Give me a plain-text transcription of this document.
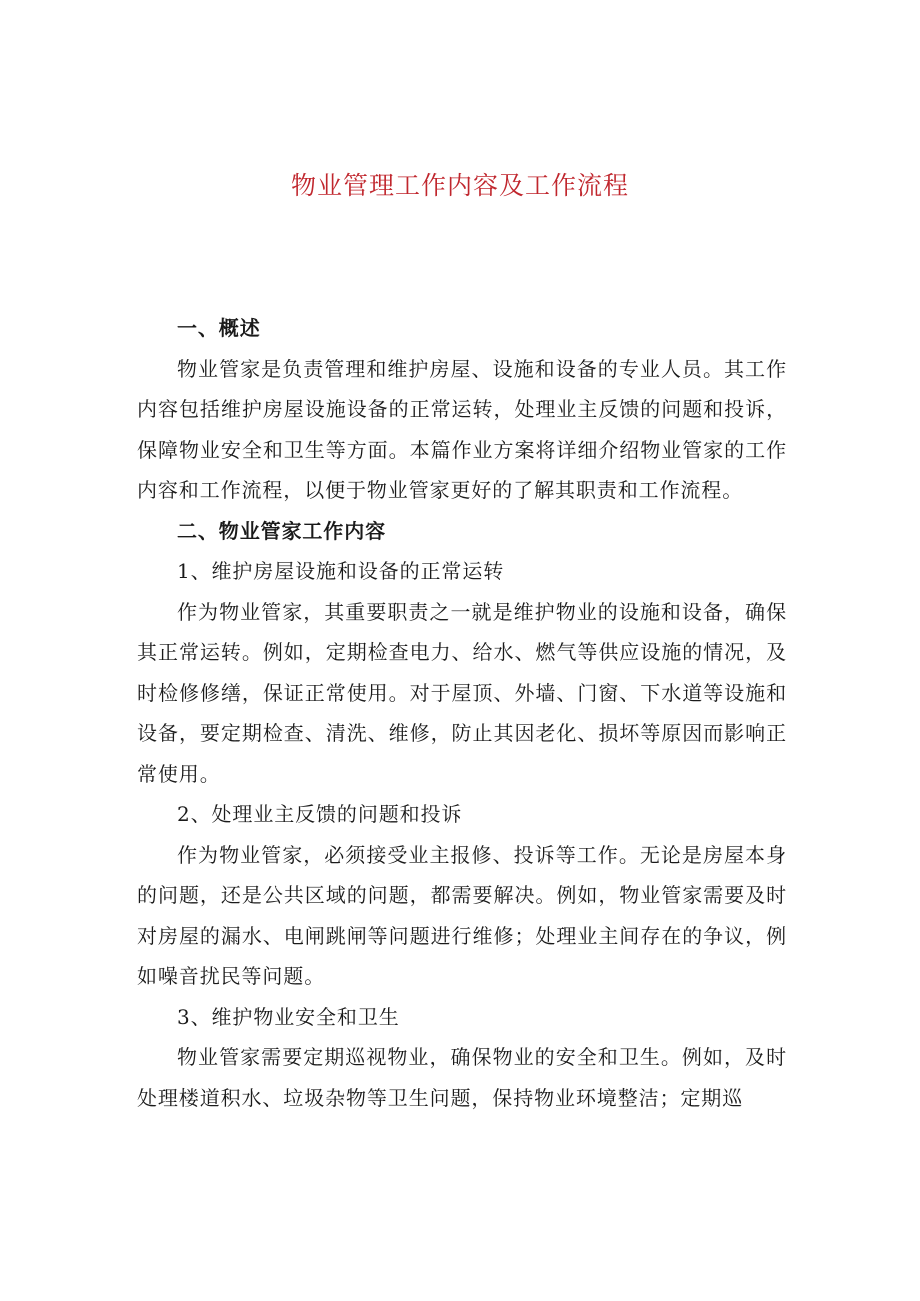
物业管理工作内容及工作流程

一、概述

物业管家是负责管理和维护房屋、设施和设备的专业人员。其工作内容包括维护房屋设施设备的正常运转，处理业主反馈的问题和投诉，保障物业安全和卫生等方面。本篇作业方案将详细介绍物业管家的工作内容和工作流程，以便于物业管家更好的了解其职责和工作流程。

二、物业管家工作内容

1、维护房屋设施和设备的正常运转

作为物业管家，其重要职责之一就是维护物业的设施和设备，确保其正常运转。例如，定期检查电力、给水、燃气等供应设施的情况，及时检修修缮，保证正常使用。对于屋顶、外墙、门窗、下水道等设施和设备，要定期检查、清洗、维修，防止其因老化、损坏等原因而影响正常使用。

2、处理业主反馈的问题和投诉

作为物业管家，必须接受业主报修、投诉等工作。无论是房屋本身的问题，还是公共区域的问题，都需要解决。例如，物业管家需要及时对房屋的漏水、电闸跳闸等问题进行维修；处理业主间存在的争议，例如噪音扰民等问题。

3、维护物业安全和卫生

物业管家需要定期巡视物业，确保物业的安全和卫生。例如，及时处理楼道积水、垃圾杂物等卫生问题，保持物业环境整洁；定期巡
